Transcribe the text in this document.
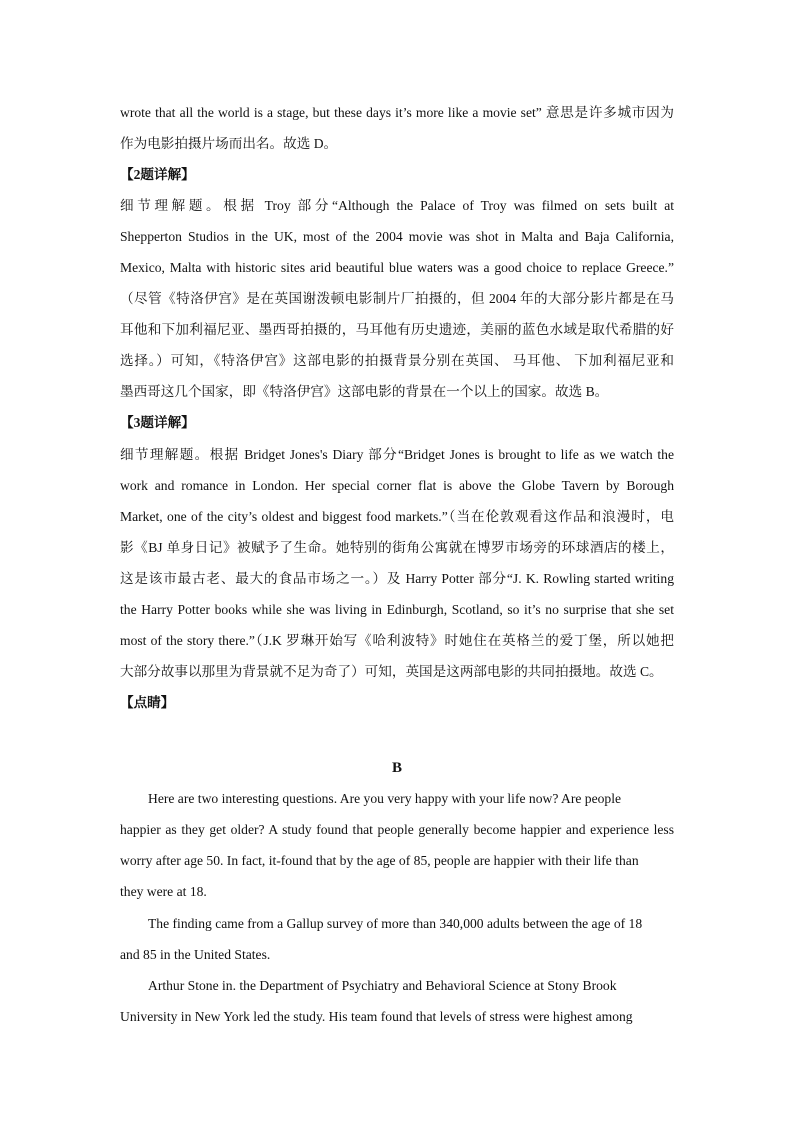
wrote that all the world is a stage, but these days it’s more like a movie set” 意思是许多城市因为
作为电影拍摄片场而出名。故选 D。
【2题详解】
细节理解题。根据 Troy 部分“Although the Palace of Troy was filmed on sets built at
Shepperton Studios in the UK, most of the 2004 movie was shot in Malta and Baja California,
Mexico, Malta with historic sites arid beautiful blue waters was a good choice to replace Greece.”
（尽管《特洛伊宫》是在英国谢泼顿电影制片厂拍摄的，但 2004 年的大部分影片都是在马
耳他和下加利福尼亚、墨西哥拍摄的，马耳他有历史遗迹，美丽的蓝色水域是取代希腊的好
选择。）可知，《特洛伊宫》这部电影的拍摄背景分别在英国、 马耳他、 下加利福尼亚和
墨西哥这几个国家，即《特洛伊宫》这部电影的背景在一个以上的国家。故选 B。
【3题详解】
细节理解题。根据 Bridget Jones's Diary 部分“Bridget Jones is brought to life as we watch the
work and romance in London. Her special corner flat is above the Globe Tavern by Borough
Market, one of the city’s oldest and biggest food markets.”（当在伦敦观看这作品和浪漫时，电
影《BJ 单身日记》被赋予了生命。她特别的街角公寓就在博罗市场旁的环球酒店的楼上，
这是该市最古老、最大的食品市场之一。）及 Harry Potter 部分“J. K. Rowling started writing
the Harry Potter books while she was living in Edinburgh, Scotland, so it’s no surprise that she set
most of the story there.”（J.K 罗琳开始写《哈利波特》时她住在英格兰的爱丁堡，所以她把
大部分故事以那里为背景就不足为奇了）可知，英国是这两部电影的共同拍摄地。故选 C。
【点睛】
B
Here are two interesting questions. Are you very happy with your life now? Are people
happier as they get older? A study found that people generally become happier and experience less
worry after age 50. In fact, it-found that by the age of 85, people are happier with their life than
they were at 18.
The finding came from a Gallup survey of more than 340,000 adults between the age of 18
and 85 in the United States.
Arthur Stone in. the Department of Psychiatry and Behavioral Science at Stony Brook
University in New York led the study. His team found that levels of stress were highest among
